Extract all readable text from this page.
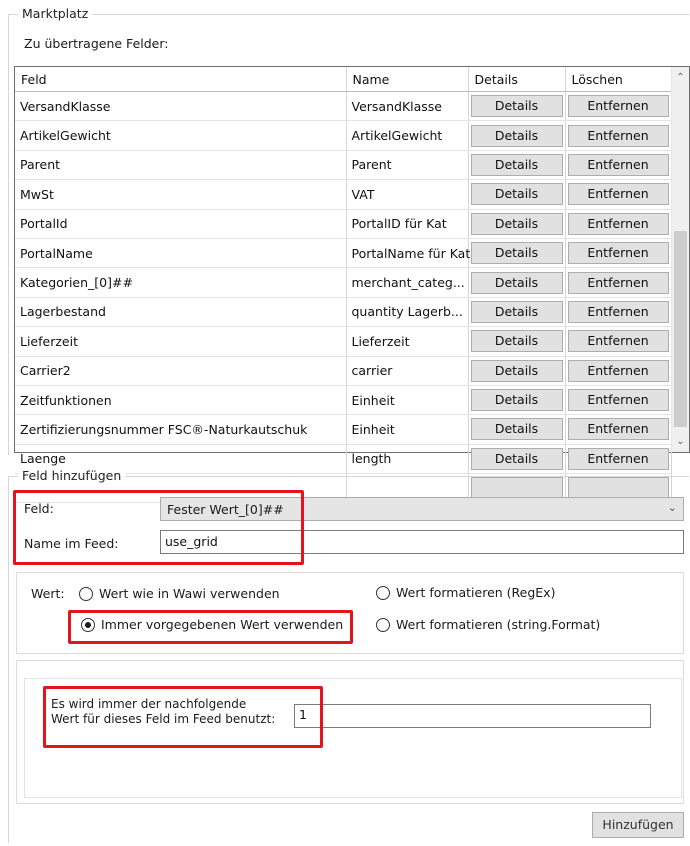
Marktplatz
Zu übertragene Felder:
Feld	Name	Details	Löschen
VersandKlasse	VersandKlasse	Details	Entfernen

ArtikelGewicht	ArtikelGewicht	Details	Entfernen

Parent	Parent	Details	Entfernen

MwSt	VAT	Details	Entfernen

PortalId	PortalID für Kat	Details	Entfernen

PortalName	PortalName für Kat	Details	Entfernen

Kategorien_[0]##	merchant_categ...	Details	Entfernen

Lagerbestand	quantity Lagerb...	Details	Entfernen

Lieferzeit	Lieferzeit	Details	Entfernen

Carrier2	carrier	Details	Entfernen

Zeitfunktionen	Einheit	Details	Entfernen

Zertifizierungsnummer FSC®-Naturkautschuk	Einheit	Details	Entfernen

Laenge	length	Details	Entfernen

⌃
⌄
Feld hinzufügen
Feld:	Fester Wert_[0]##	⌄
Name im Feed:	use_grid
Wert:	Wert wie in Wawi verwenden	Wert formatieren (RegEx)
Immer vorgegebenen Wert verwenden	Wert formatieren (string.Format)
Es wird immer der nachfolgende
Wert für dieses Feld im Feed benutzt:	1
Hinzufügen
